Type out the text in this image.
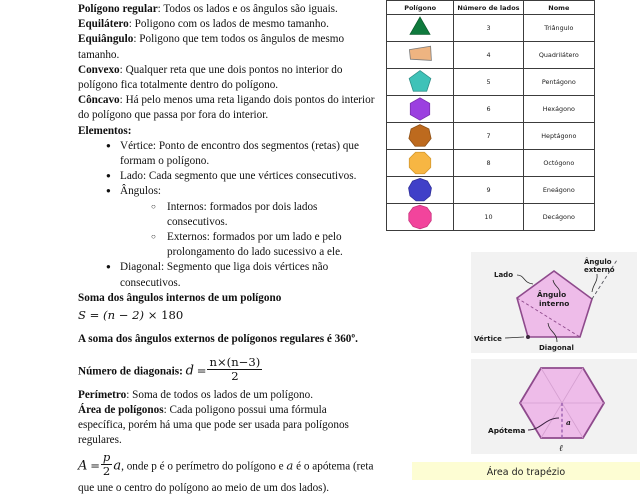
Polígono regular: Todos os lados e os ângulos são iguais.

Equilátero: Poligono com os lados de mesmo tamanho.

Equiângulo: Poligono que tem todos os ângulos de mesmo tamanho.

Convexo: Qualquer reta que une dois pontos no interior do polígono fica totalmente dentro do polígono.

Côncavo: Há pelo menos uma reta ligando dois pontos do interior do polígono que passa por fora do interior.

Elementos:

● Vértice: Ponto de encontro dos segmentos (retas) que formam o polígono.
● Lado: Cada segmento que une vértices consecutivos.
● Ângulos:
○ Internos: formados por dois lados consecutivos.
○ Externos: formados por um lado e pelo prolongamento do lado sucessivo a ele.
● Diagonal: Segmento que liga dois vértices não consecutivos.

Soma dos ângulos internos de um polígono

S = (n − 2) × 180

A soma dos ângulos externos de polígonos regulares é 360º.

Número de diagonais: $d = \frac{n\times(n-3)}{2}$

Perímetro: Soma de todos os lados de um polígono.

Área de polígonos: Cada poligono possui uma fórmula específica, porém há uma que pode ser usada para polígonos regulares.

$A = \frac{p}{2} a$, onde p é o perímetro do polígono e a é o apótema (reta

que une o centro do polígono ao meio de um dos lados).

Polígono	Número de lados	Nome

	3	Triângulo

	4	Quadrilátero

	5	Pentágono

	6	Hexágono

	7	Heptágono

	8	Octógono

	9	Eneágono

	10	Decágono
Lado
Ângulo
externo
Ângulo
interno
Vértice
Diagonal
Apótema
a
ℓ
Área do trapézio
